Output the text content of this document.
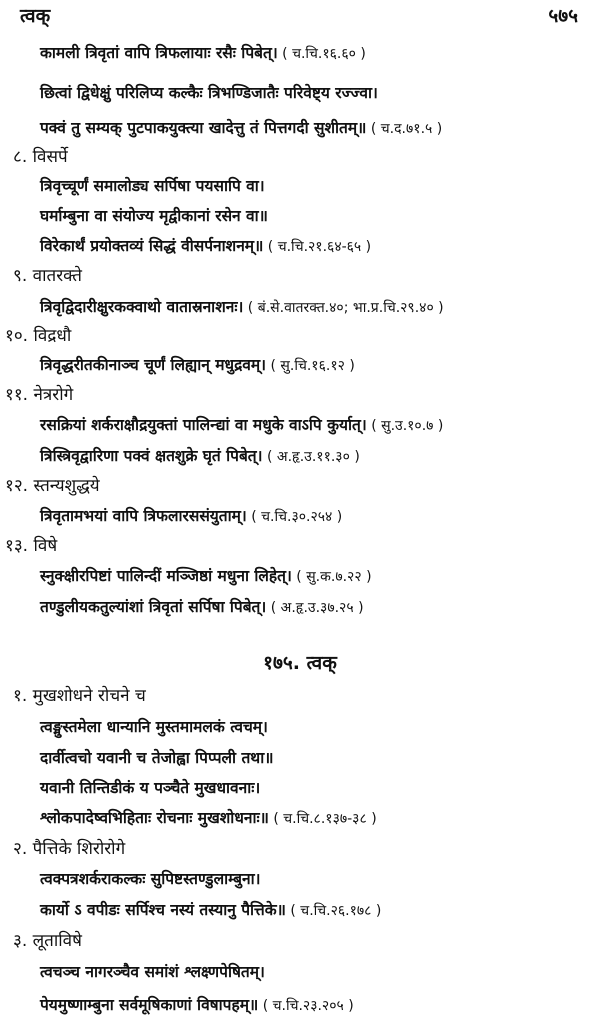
त्वक्	५७५
कामली त्रिवृतां वापि त्रिफलायाः रसैः पिबेत्। ( च.चि.१६.६० )
छित्वां द्विधेक्षुं परिलिप्य कल्कैः त्रिभण्डिजातैः परिवेष्ट्य रज्ज्वा।
पक्वं तु सम्यक् पुटपाकयुक्त्या खादेत्तु तं पित्तगदी सुशीतम्॥ ( च.द.७१.५ )
८. विसर्पे
त्रिवृच्चूर्णं समालोड्य सर्पिषा पयसापि वा।
घर्माम्बुना वा संयोज्य मृद्वीकानां रसेन वा॥
विरेकार्थं प्रयोक्तव्यं सिद्धं वीसर्पनाशनम्॥ ( च.चि.२१.६४-६५ )
९. वातरक्ते
त्रिवृद्विदारीक्षुरकक्वाथो वातास्रनाशनः। ( बं.से.वातरक्त.४०; भा.प्र.चि.२९.४० )
१०. विद्रधौ
त्रिवृद्धरीतकीनाञ्च चूर्णं लिह्यान् मधुद्रवम्। ( सु.चि.१६.१२ )
११. नेत्ररोगे
रसक्रियां शर्कराक्षौद्रयुक्तां पालिन्द्यां वा मधुके वाऽपि कुर्यात्। ( सु.उ.१०.७ )
त्रिस्त्रिवृद्वारिणा पक्वं क्षतशुक्रे घृतं पिबेत्। ( अ.हृ.उ.११.३० )
१२. स्तन्यशुद्धये
त्रिवृतामभयां वापि त्रिफलारससंयुताम्। ( च.चि.३०.२५४ )
१३. विषे
स्नुक्क्षीरपिष्टां पालिन्दीं मञ्जिष्ठां मधुना लिहेत्। ( सु.क.७.२२ )
तण्डुलीयकतुल्यांशां त्रिवृतां सर्पिषा पिबेत्। ( अ.हृ.उ.३७.२५ )
१७५. त्वक्
१. मुखशोधने रोचने च
त्वङ्मुस्तमेला धान्यानि मुस्तमामलकं त्वचम्।
दार्वीत्वचो यवानी च तेजोह्वा पिप्पली तथा॥
यवानी तिन्तिडीकं य पञ्चैते मुखधावनाः।
श्लोकपादेष्वभिहिताः रोचनाः मुखशोधनाः॥ ( च.चि.८.१३७-३८ )
२. पैत्तिके शिरोरोगे
त्वक्पत्रशर्कराकल्कः सुपिष्टस्तण्डुलाम्बुना।
कार्यो ऽ वपीडः सर्पिश्च नस्यं तस्यानु पैत्तिके॥ ( च.चि.२६.१७८ )
३. लूताविषे
त्वचञ्च नागरञ्चैव समांशं श्लक्ष्णपेषितम्।
पेयमुष्णाम्बुना सर्वमूषिकाणां विषापहम्॥ ( च.चि.२३.२०५ )
